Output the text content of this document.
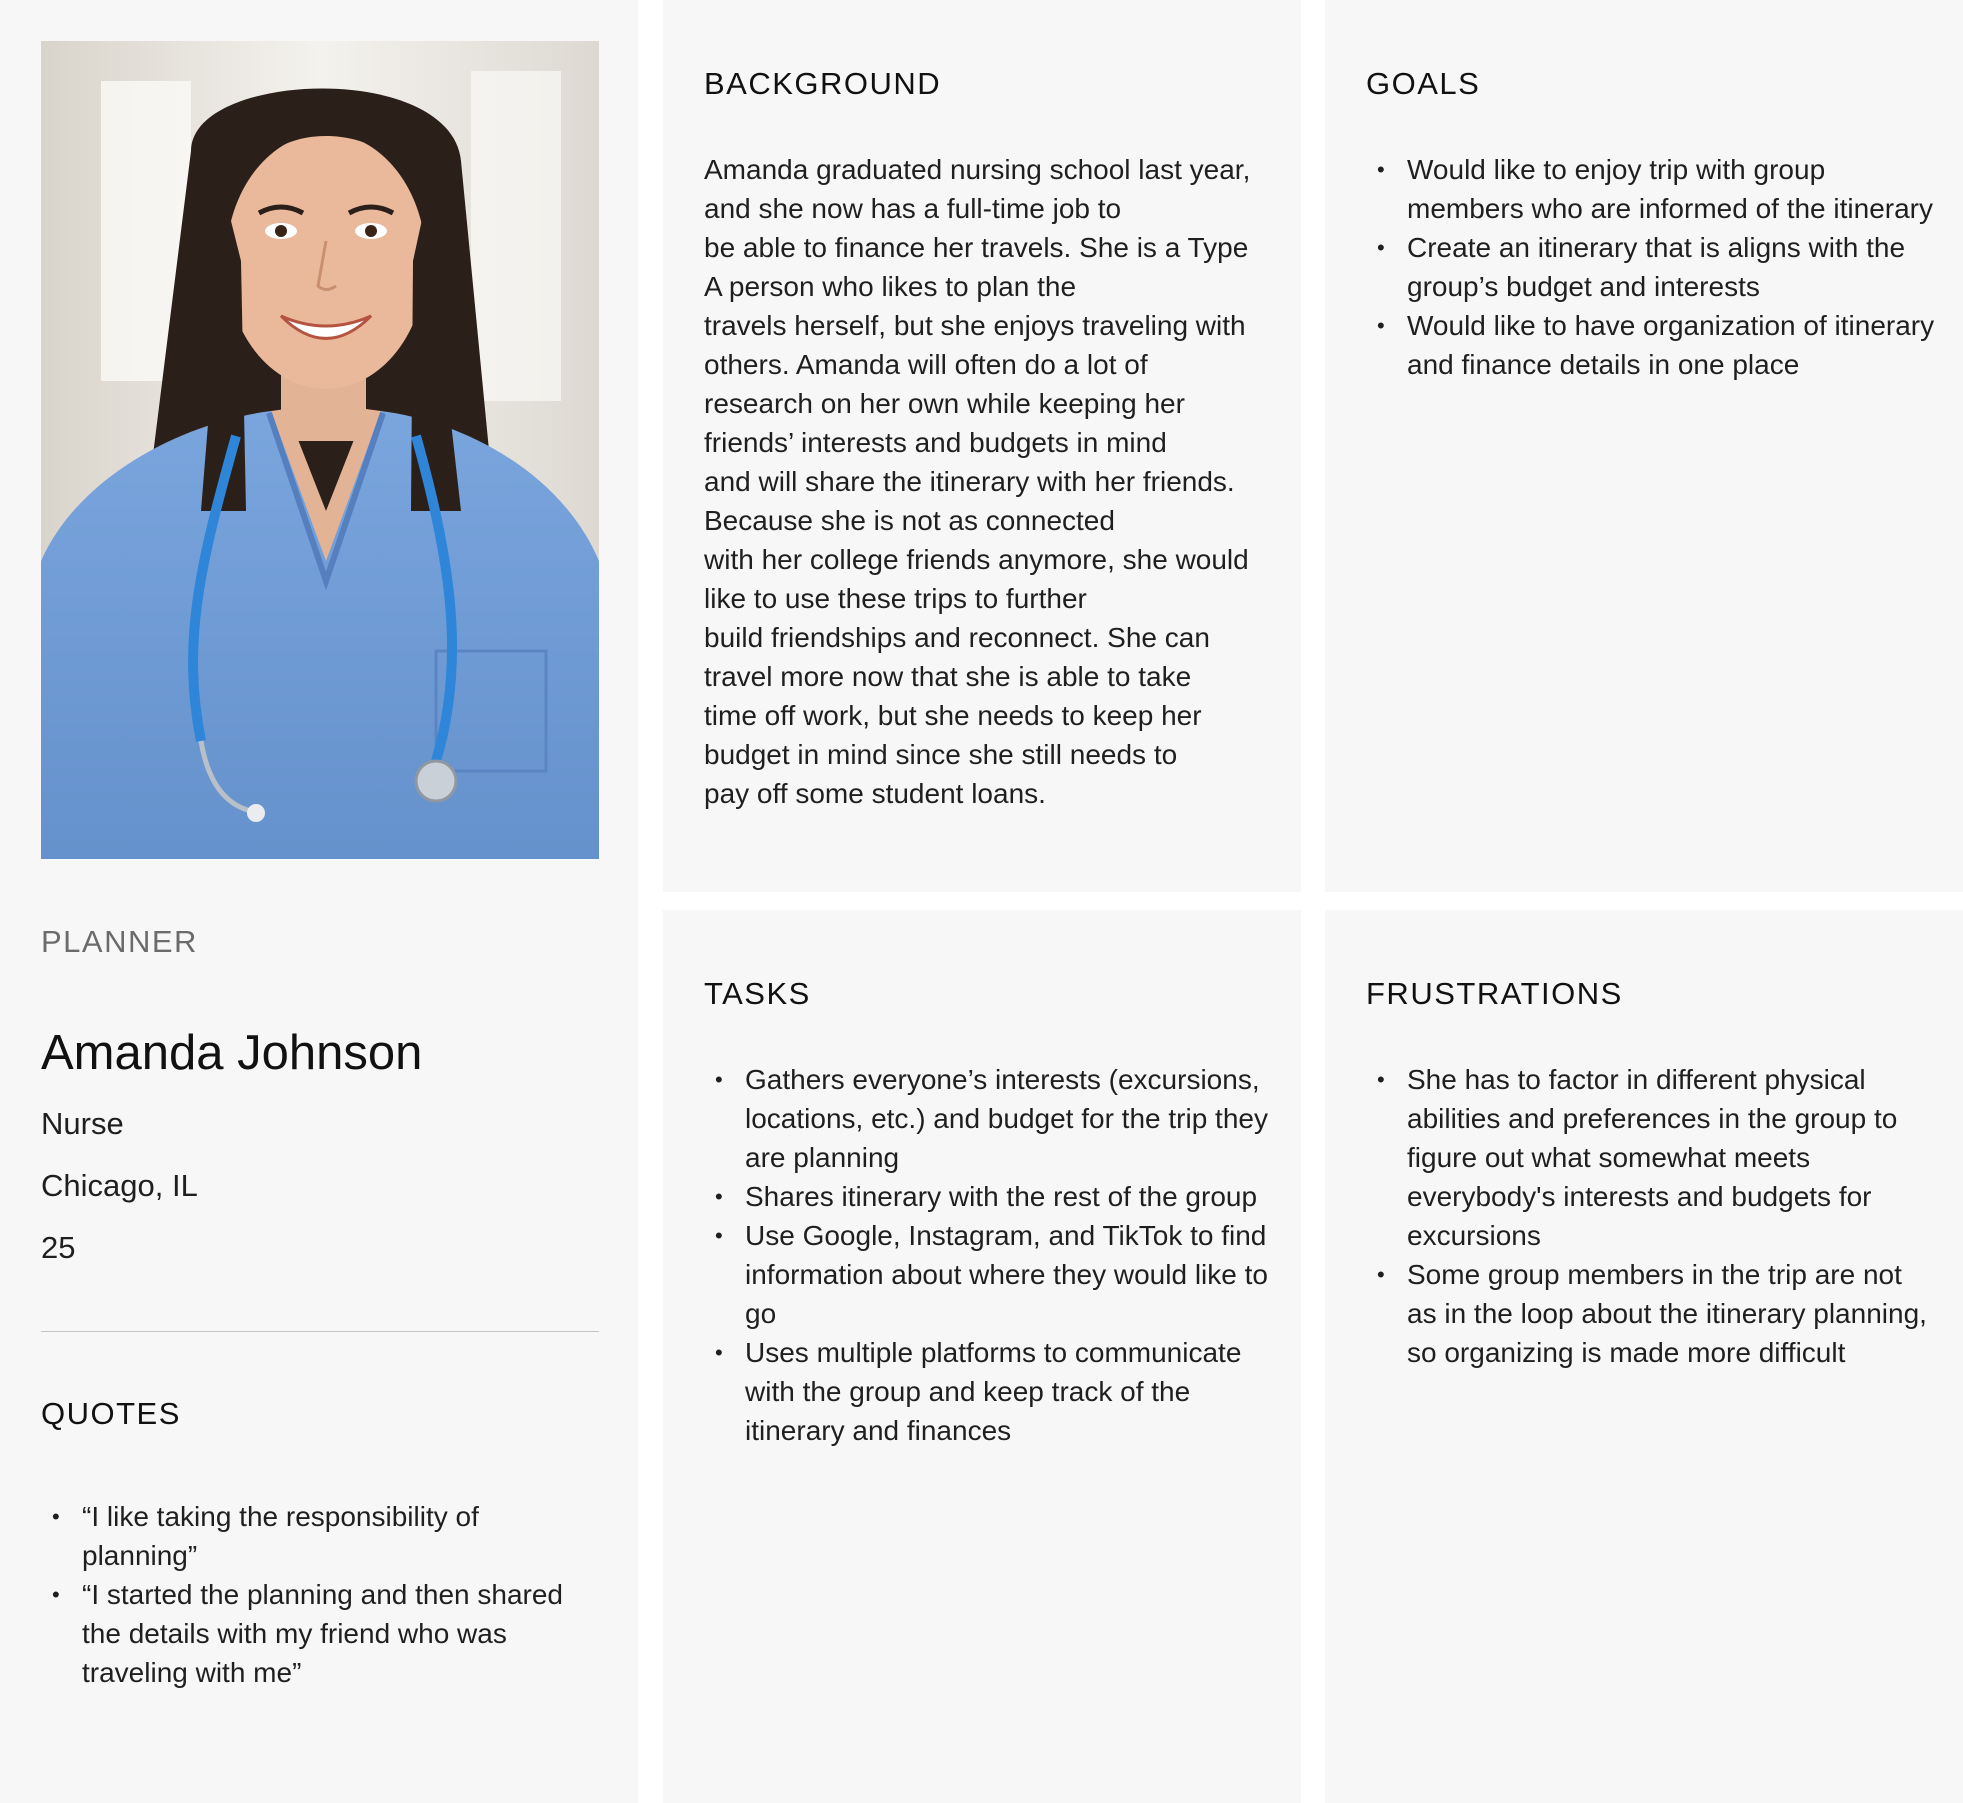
PLANNER

Amanda Johnson

Nurse

Chicago, IL

25

QUOTES
• “I like taking the responsibility of planning”
• “I started the planning and then shared the details with my friend who was traveling with me”
BACKGROUND
Amanda graduated nursing school last year,
and she now has a full-time job to
be able to finance her travels. She is a Type
A person who likes to plan the
travels herself, but she enjoys traveling with
others. Amanda will often do a lot of
research on her own while keeping her
friends’ interests and budgets in mind
and will share the itinerary with her friends.
Because she is not as connected
with her college friends anymore, she would
like to use these trips to further
build friendships and reconnect. She can
travel more now that she is able to take
time off work, but she needs to keep her
budget in mind since she still needs to
pay off some student loans.
GOALS
• Would like to enjoy trip with group members who are informed of the itinerary
• Create an itinerary that is aligns with the group’s budget and interests
• Would like to have organization of itinerary and finance details in one place
TASKS
• Gathers everyone’s interests (excursions, locations, etc.) and budget for the trip they are planning
• Shares itinerary with the rest of the group
• Use Google, Instagram, and TikTok to find information about where they would like to go
• Uses multiple platforms to communicate with the group and keep track of the itinerary and finances
FRUSTRATIONS
• She has to factor in different physical abilities and preferences in the group to figure out what somewhat meets everybody's interests and budgets for excursions
• Some group members in the trip are not as in the loop about the itinerary planning, so organizing is made more difficult
